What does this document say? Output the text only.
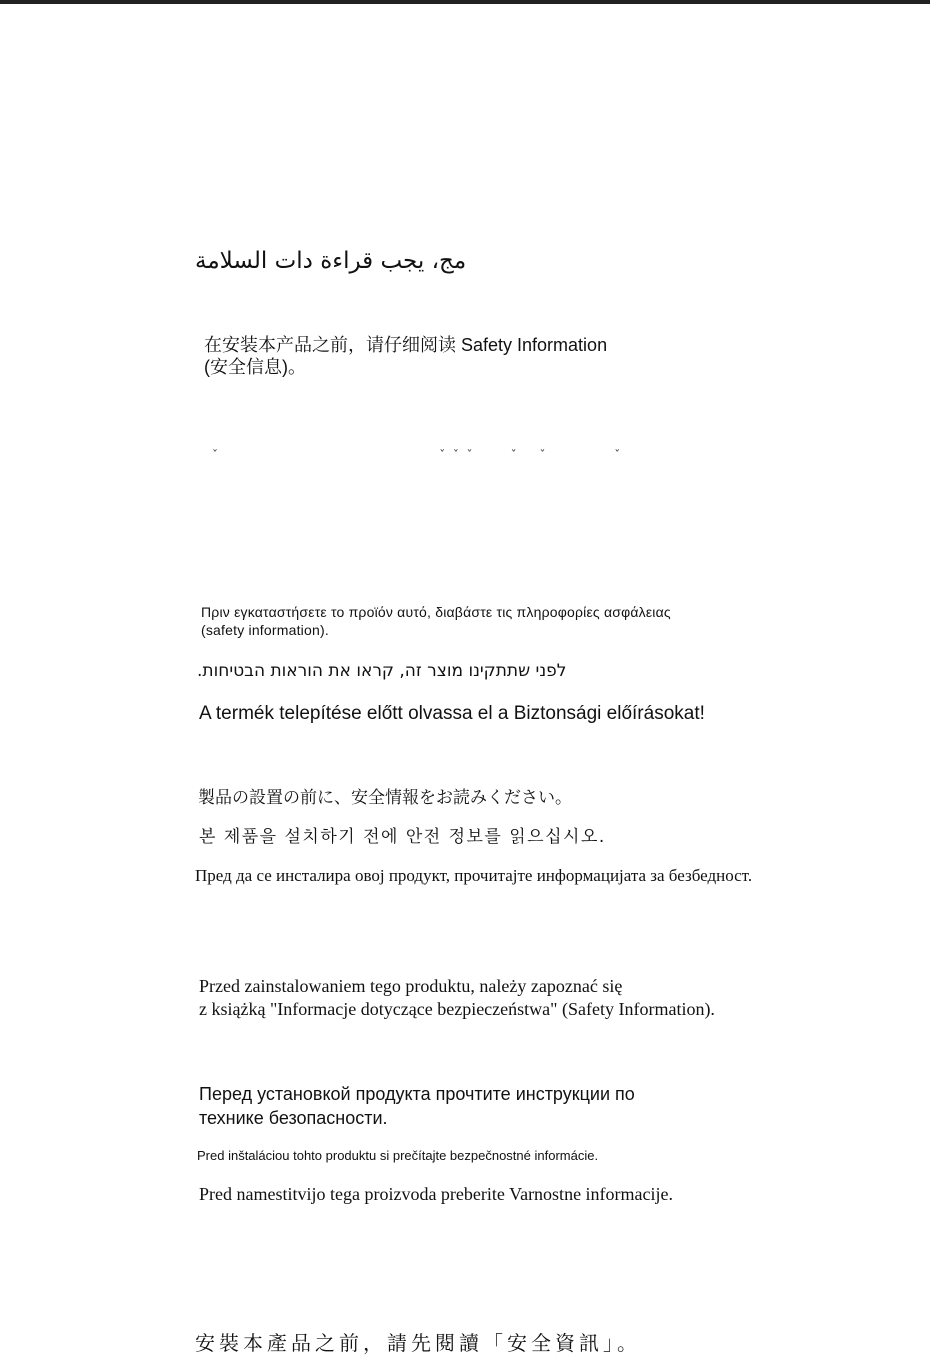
مج، يجب قراءة دات السلامة
在安装本产品之前，请仔细阅读 Safety Information
(安全信息)。
ˇ                                                          ˇ  ˇ  ˇ          ˇ      ˇ                  ˇ
Πριν εγκαταστήσετε το προϊόν αυτό, διαβάστε τις πληροφορίες ασφάλειας
(safety information).
לפני שתתקינו מוצר זה, קראו את הוראות הבטיחות.
A termék telepítése előtt olvassa el a Biztonsági előírásokat!
製品の設置の前に、安全情報をお読みください。
본 제품을 설치하기 전에 안전 정보를 읽으십시오.
Пред да се инсталира овој продукт, прочитајте информацијата за безбедност.
Przed zainstalowaniem tego produktu, należy zapoznać się
z książką "Informacje dotyczące bezpieczeństwa" (Safety Information).
Перед установкой продукта прочтите инструкции по
технике безопасности.
Pred inštaláciou tohto produktu si prečítajte bezpečnostné informácie.
Pred namestitvijo tega proizvoda preberite Varnostne informacije.
安裝本產品之前，請先閱讀「安全資訊」。
